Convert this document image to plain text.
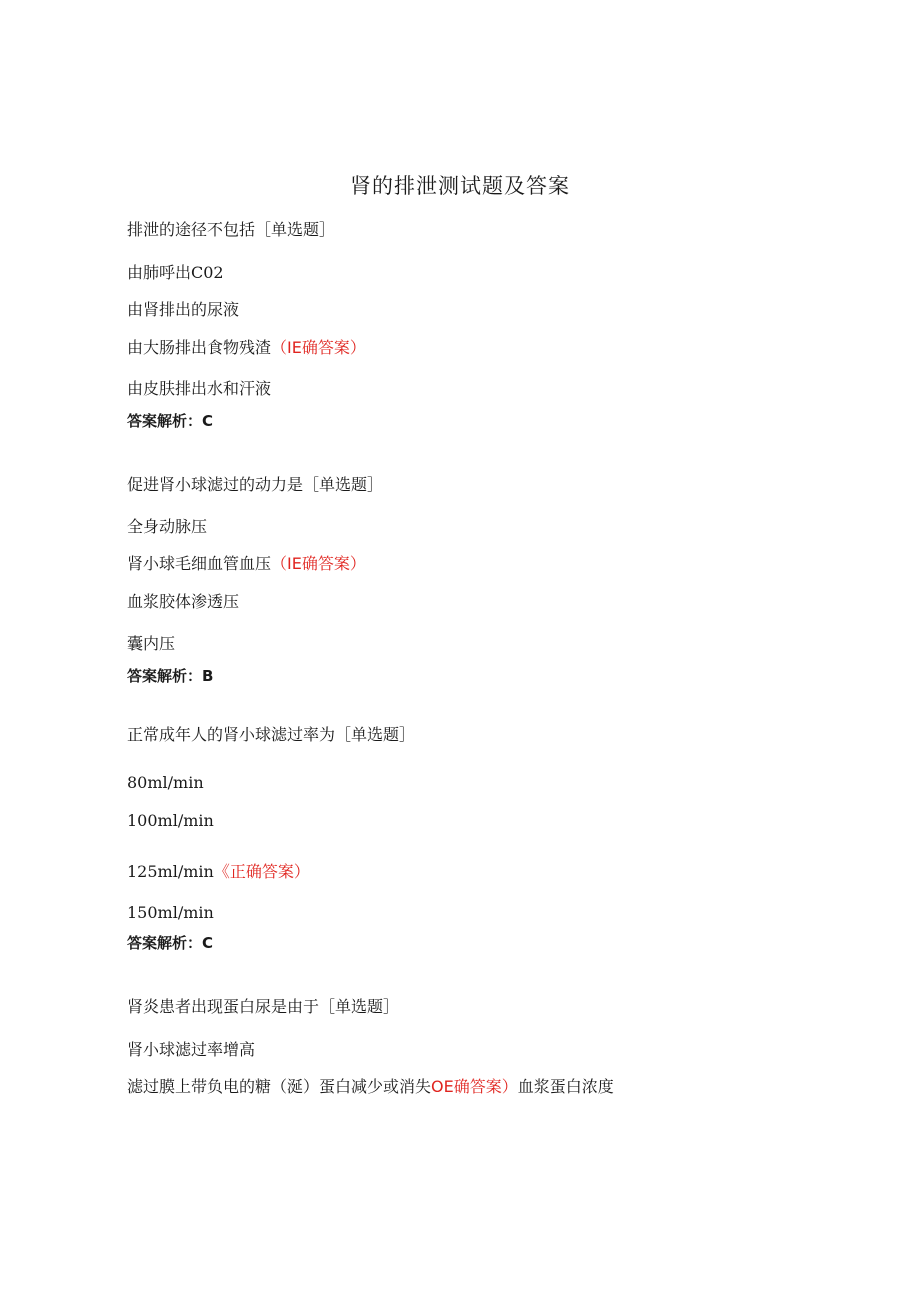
肾的排泄测试题及答案
排泄的途径不包括［单选题］
由肺呼出C02
由肾排出的尿液
由大肠排出食物残渣（IE确答案）
由皮肤排出水和汗液
答案解析：C
促进肾小球滤过的动力是［单选题］
全身动脉压
肾小球毛细血管血压（IE确答案）
血浆胶体渗透压
囊内压
答案解析：B
正常成年人的肾小球滤过率为［单选题］
80ml∕min
100ml∕min
125ml∕min《正确答案）
150ml∕min
答案解析：C
肾炎患者出现蛋白尿是由于［单选题］
肾小球滤过率增高
滤过膜上带负电的糖（涎）蛋白减少或消失OE确答案）血浆蛋白浓度
